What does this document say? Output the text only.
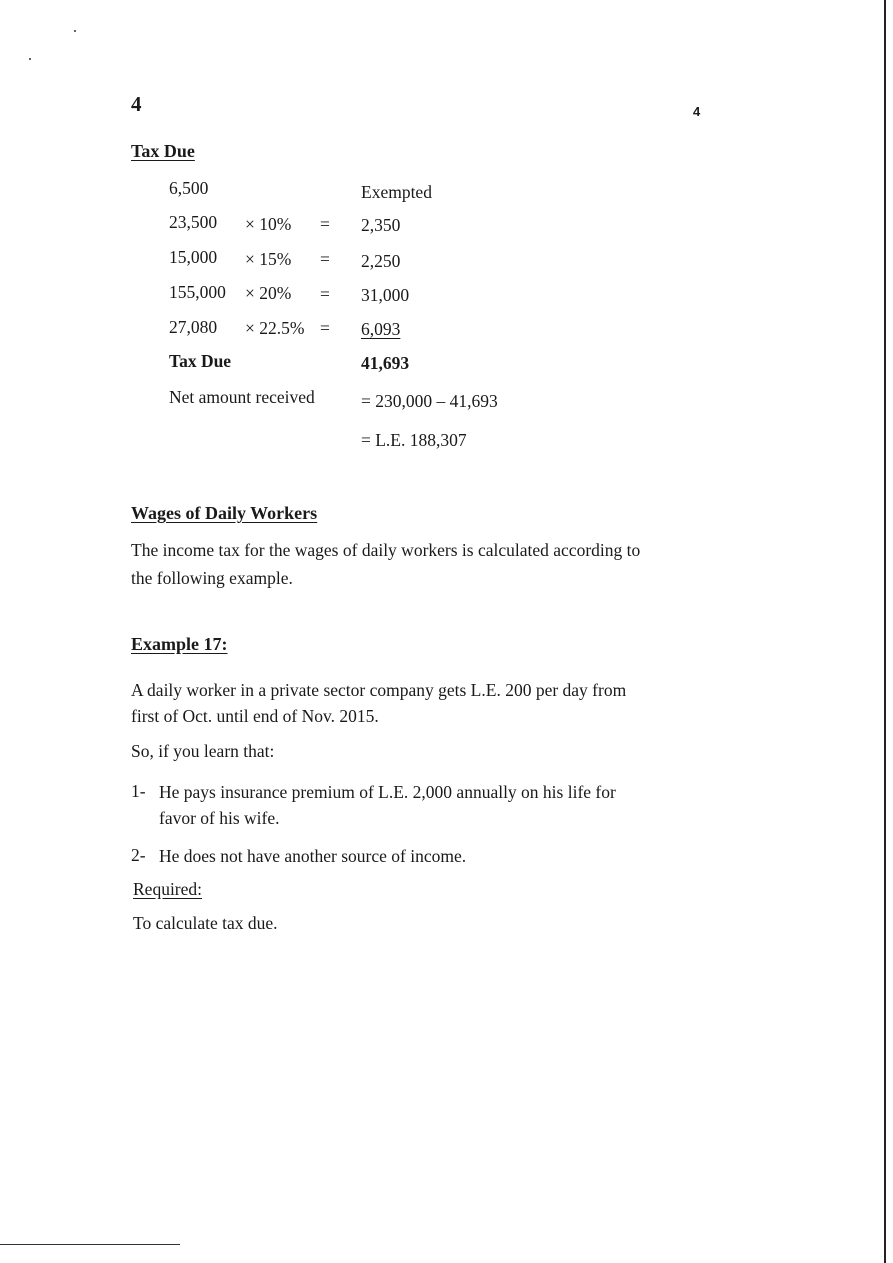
4	4
Tax Due
6,500	Exempted
23,500 × 10% = 2,350
15,000 × 15% = 2,250
155,000 × 20% = 31,000
27,080 × 22.5% = 6,093
Tax Due	41,693
Net amount received	= 230,000 – 41,693
= L.E. 188,307
Wages of Daily Workers
The income tax for the wages of daily workers is calculated according to
the following example.
Example 17:
A daily worker in a private sector company gets L.E. 200 per day from
first of Oct. until end of Nov. 2015.
So, if you learn that:
1- He pays insurance premium of L.E. 2,000 annually on his life for
favor of his wife.
2- He does not have another source of income.
Required:
To calculate tax due.
